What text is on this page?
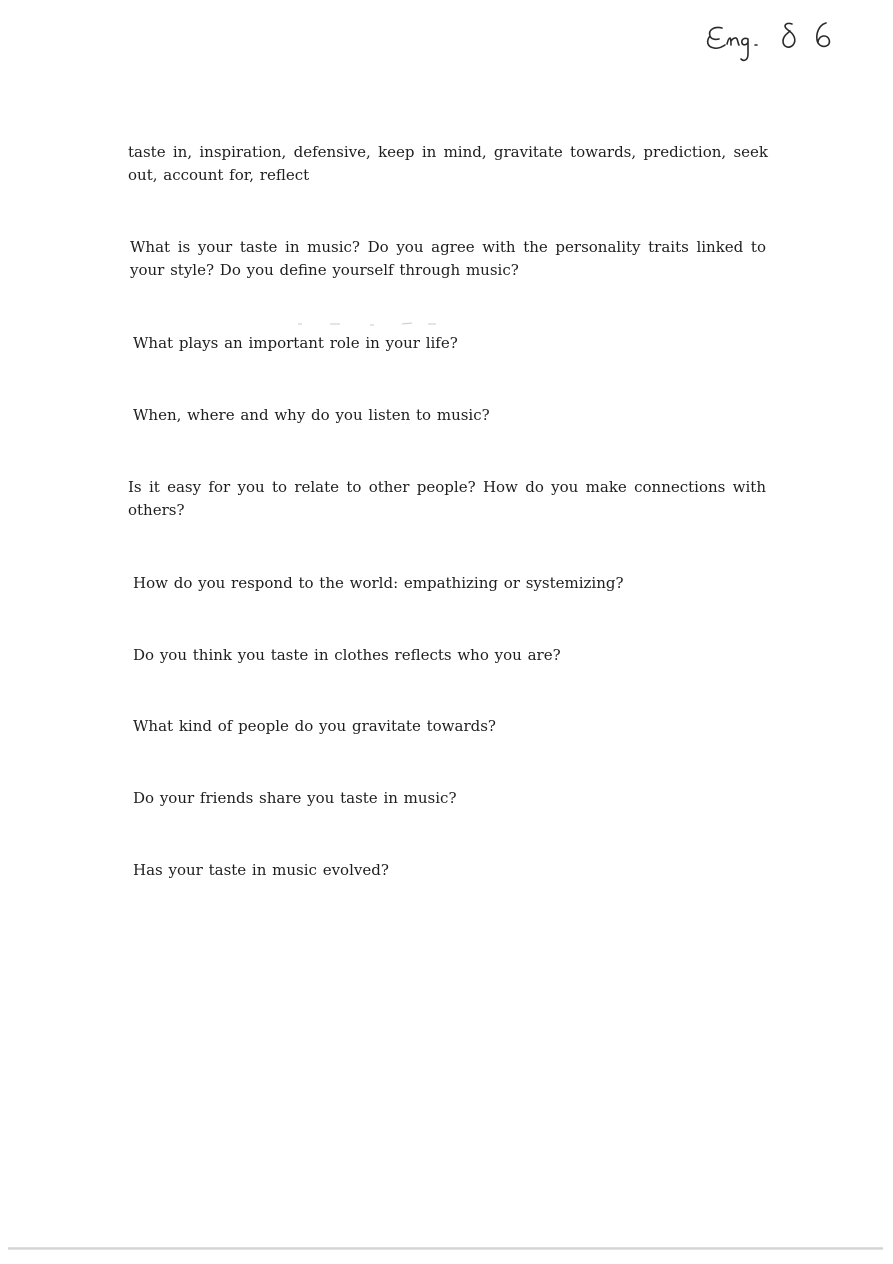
taste in, inspiration, defensive, keep in mind, gravitate towards, prediction, seek out, account for, reflect

What is your taste in music? Do you agree with the personality traits linked to your style? Do you define yourself through music?

What plays an important role in your life?

When, where and why do you listen to music?

Is it easy for you to relate to other people? How do you make connections with others?

How do you respond to the world: empathizing or systemizing?

Do you think you taste in clothes reflects who you are?

What kind of people do you gravitate towards?

Do your friends share you taste in music?

Has your taste in music evolved?
